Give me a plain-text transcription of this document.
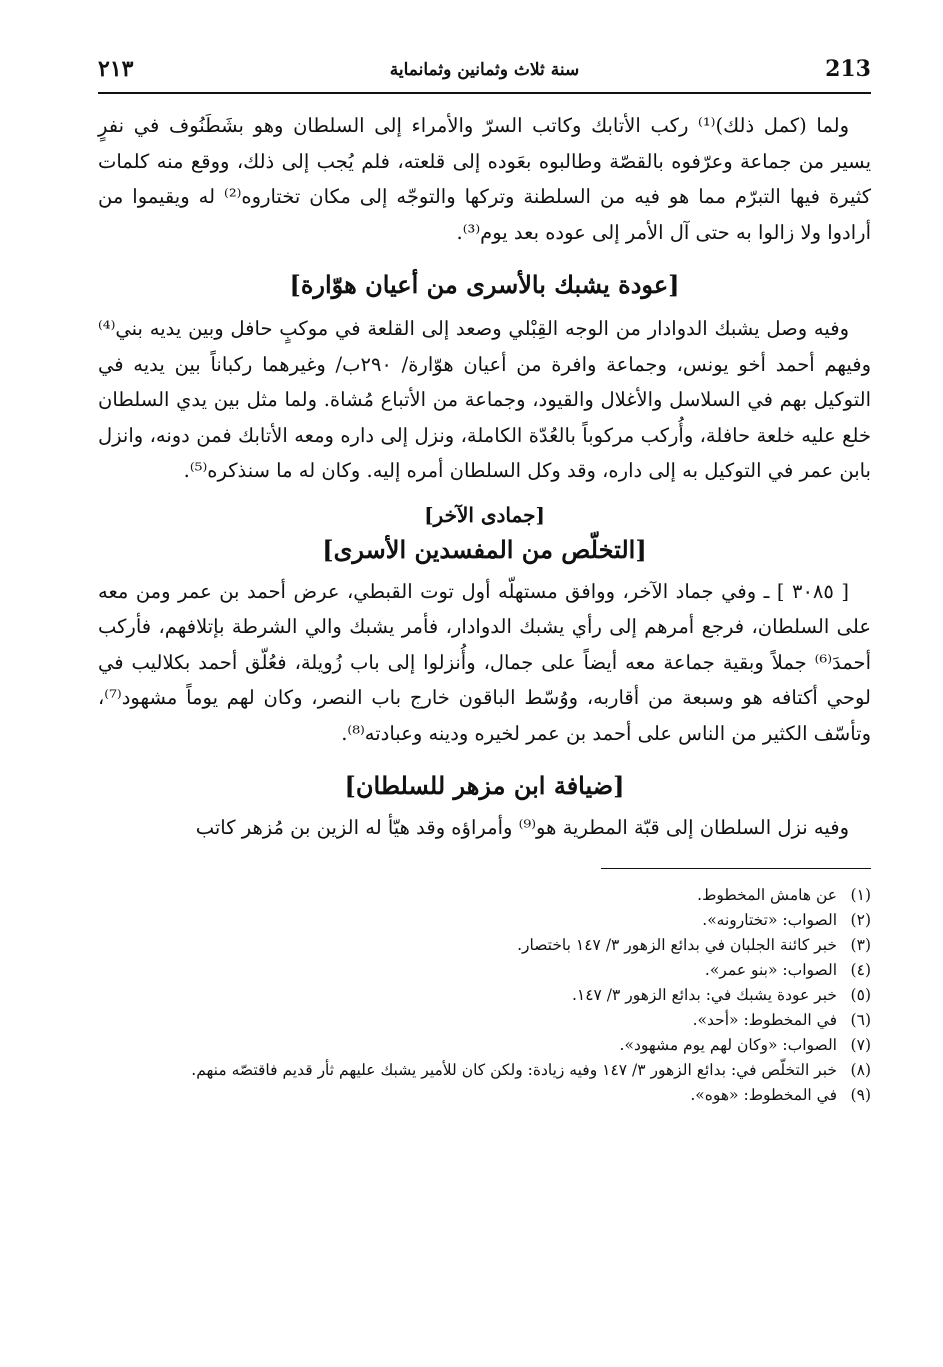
213
سنة ثلاث وثمانين وثمانماية
٢١٣

ولما (كمل ذلك)⁽¹⁾ ركب الأتابك وكاتب السرّ والأمراء إلى السلطان وهو بشَطَنُوف في نفرٍ يسير من جماعة وعرّفوه بالقصّة وطالبوه بعَوده إلى قلعته، فلم يُجب إلى ذلك، ووقع منه كلمات كثيرة فيها التبرّم مما هو فيه من السلطنة وتركها والتوجّه إلى مكان تختاروه⁽²⁾ له ويقيموا من أرادوا ولا زالوا به حتى آل الأمر إلى عوده بعد يوم⁽³⁾.

[عودة يشبك بالأسرى من أعيان هوّارة]

وفيه وصل يشبك الدوادار من الوجه القِبْلي وصعد إلى القلعة في موكبٍ حافل وبين يديه بني⁽⁴⁾ وفيهم أحمد أخو يونس، وجماعة وافرة من أعيان هوّارة/ ٢٩٠ب/ وغيرهما ركباناً بين يديه في التوكيل بهم في السلاسل والأغلال والقيود، وجماعة من الأتباع مُشاة. ولما مثل بين يدي السلطان خلع عليه خلعة حافلة، وأُركب مركوباً بالعُدّة الكاملة، ونزل إلى داره ومعه الأتابك فمن دونه، وانزل بابن عمر في التوكيل به إلى داره، وقد وكل السلطان أمره إليه. وكان له ما سنذكره⁽⁵⁾.

[جمادى الآخر]
[التخلّص من المفسدين الأسرى]

[ ٣٠٨٥ ] ـ وفي جماد الآخر، ووافق مستهلّه أول توت القبطي، عرض أحمد بن عمر ومن معه على السلطان، فرجع أمرهم إلى رأي يشبك الدوادار، فأمر يشبك والي الشرطة بإتلافهم، فأركب أحمدَ⁽⁶⁾ جملاً وبقية جماعة معه أيضاً على جمال، وأُنزلوا إلى باب زُويلة، فعُلّق أحمد بكلاليب في لوحي أكتافه هو وسبعة من أقاربه، ووُسّط الباقون خارج باب النصر، وكان لهم يوماً مشهود⁽⁷⁾، وتأسّف الكثير من الناس على أحمد بن عمر لخيره ودينه وعبادته⁽⁸⁾.

[ضيافة ابن مزهر للسلطان]

وفيه نزل السلطان إلى قبّة المطرية هو⁽⁹⁾ وأمراؤه وقد هيّأ له الزين بن مُزهر كاتب

(١)عن هامش المخطوط.

(٢)الصواب: «تختارونه».

(٣)خبر كائنة الجلبان في بدائع الزهور ٣/ ١٤٧ باختصار.

(٤)الصواب: «بنو عمر».

(٥)خبر عودة يشبك في: بدائع الزهور ٣/ ١٤٧.

(٦)في المخطوط: «أحد».

(٧)الصواب: «وكان لهم يوم مشهود».

(٨)خبر التخلّص في: بدائع الزهور ٣/ ١٤٧ وفيه زيادة: ولكن كان للأمير يشبك عليهم ثأر قديم فاقتصّه منهم.

(٩)في المخطوط: «هوه».
